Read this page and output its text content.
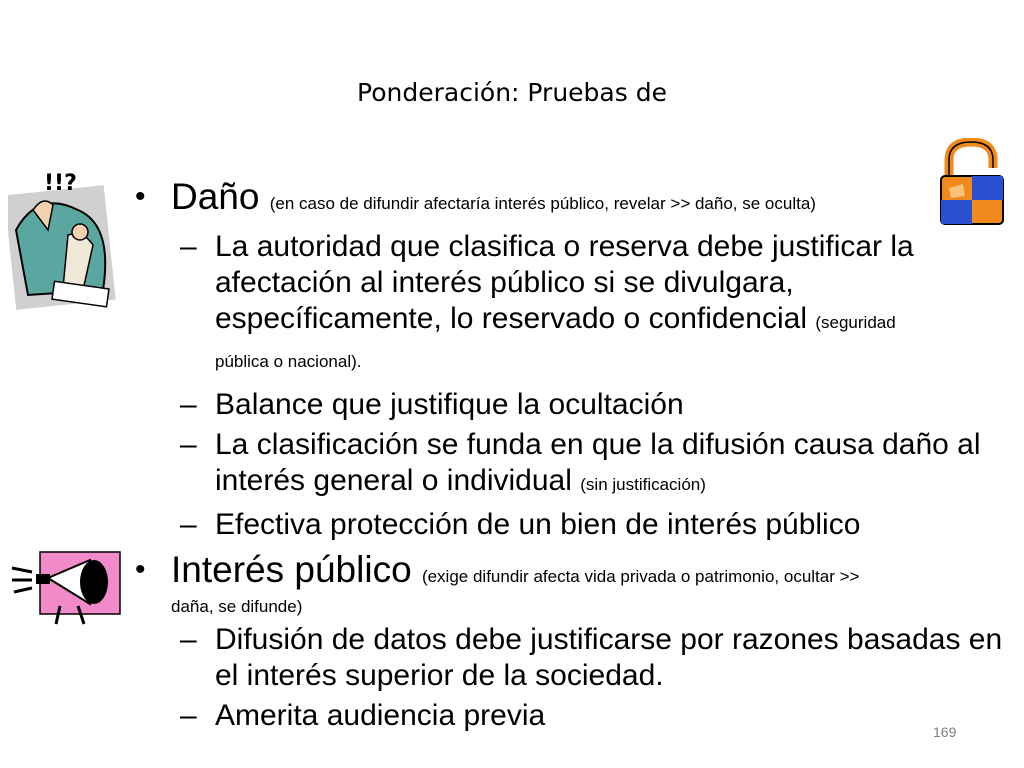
Ponderación: Pruebas de
!!? • Daño (en caso de difundir afectaría interés público, revelar >> daño, se oculta)
– La autoridad que clasifica o reserva debe justificar la afectación al interés público si se divulgara, específicamente, lo reservado o confidencial (seguridad
pública o nacional).
– Balance que justifique la ocultación
– La clasificación se funda en que la difusión causa daño al interés general o individual (sin justificación)
– Efectiva protección de un bien de interés público
• Interés público (exige difundir afecta vida privada o patrimonio, ocultar >>
daña, se difunde)
– Difusión de datos debe justificarse por razones basadas en el interés superior de la sociedad.
– Amerita audiencia previa	169
